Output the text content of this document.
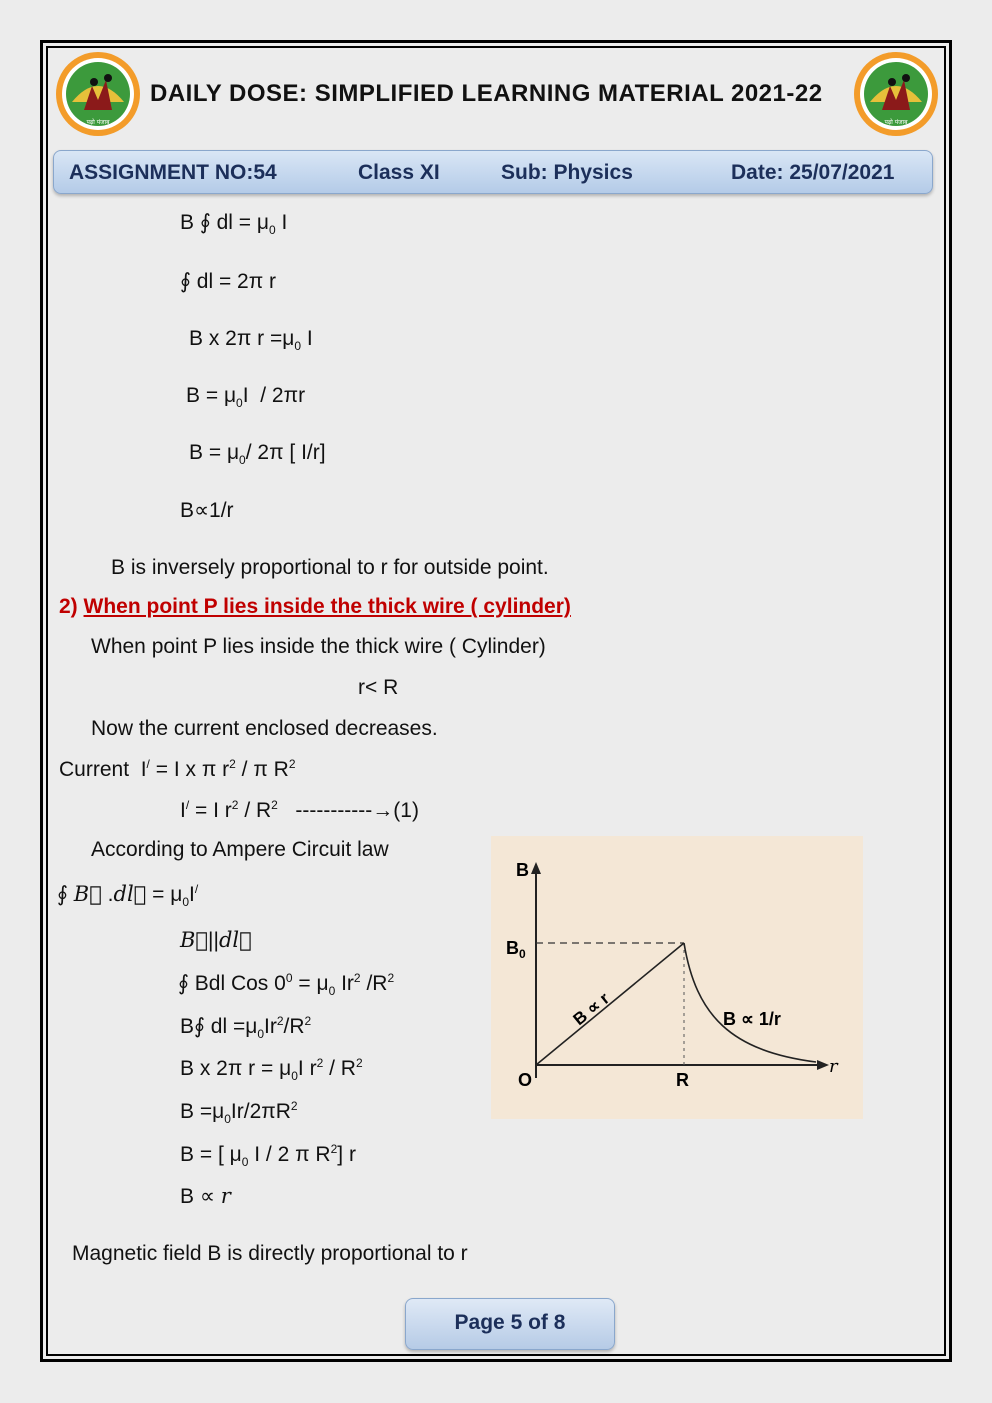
पढ़ो पंजाब	पढ़ो पंजाब
DAILY DOSE: SIMPLIFIED LEARNING MATERIAL 2021-22
ASSIGNMENT NO:54	Class XI	Sub: Physics	Date: 25/07/2021
B ∮ dl = $\mu_0$ I
∮ dl = 2π r
B x 2π $r =\mu_0$ I
$B = \mu_0I / 2\pi r$
$B = \mu_0/$ 2π [ I/r]
B∝1/r
B is inversely proportional to r for outside point.
2) When point P lies inside the thick wire ( cylinder)
When point P lies inside the thick wire ( Cylinder)
r< R
Now the current enclosed decreases.
Current  I/ = I x π $r^2$ / π $R^2$
I/ = I $r^2 / R^2$ -----------→(1)
According to Ampere Circuit law
∮ B⃗ .dl⃗ = $\mu_0I^/$
B⃗||dl⃗
∮ Bdl Cos $0^0 = \mu_0$ Ir$^2$ $/R^2$
B∮ dl $=\mu_0Ir^2/R^2$
B x 2π $r = \mu_0I$ $r^2 / R^2$
$B =\mu_0Ir/2\pi R^2$
B = [ $\mu_0$ I / 2 π $R^2$] r
B ∝ r
Magnetic field B is directly proportional to r
B
$B_0$
O	R
r
B ∝ r	B ∝ 1/r
Page 5 of 8
